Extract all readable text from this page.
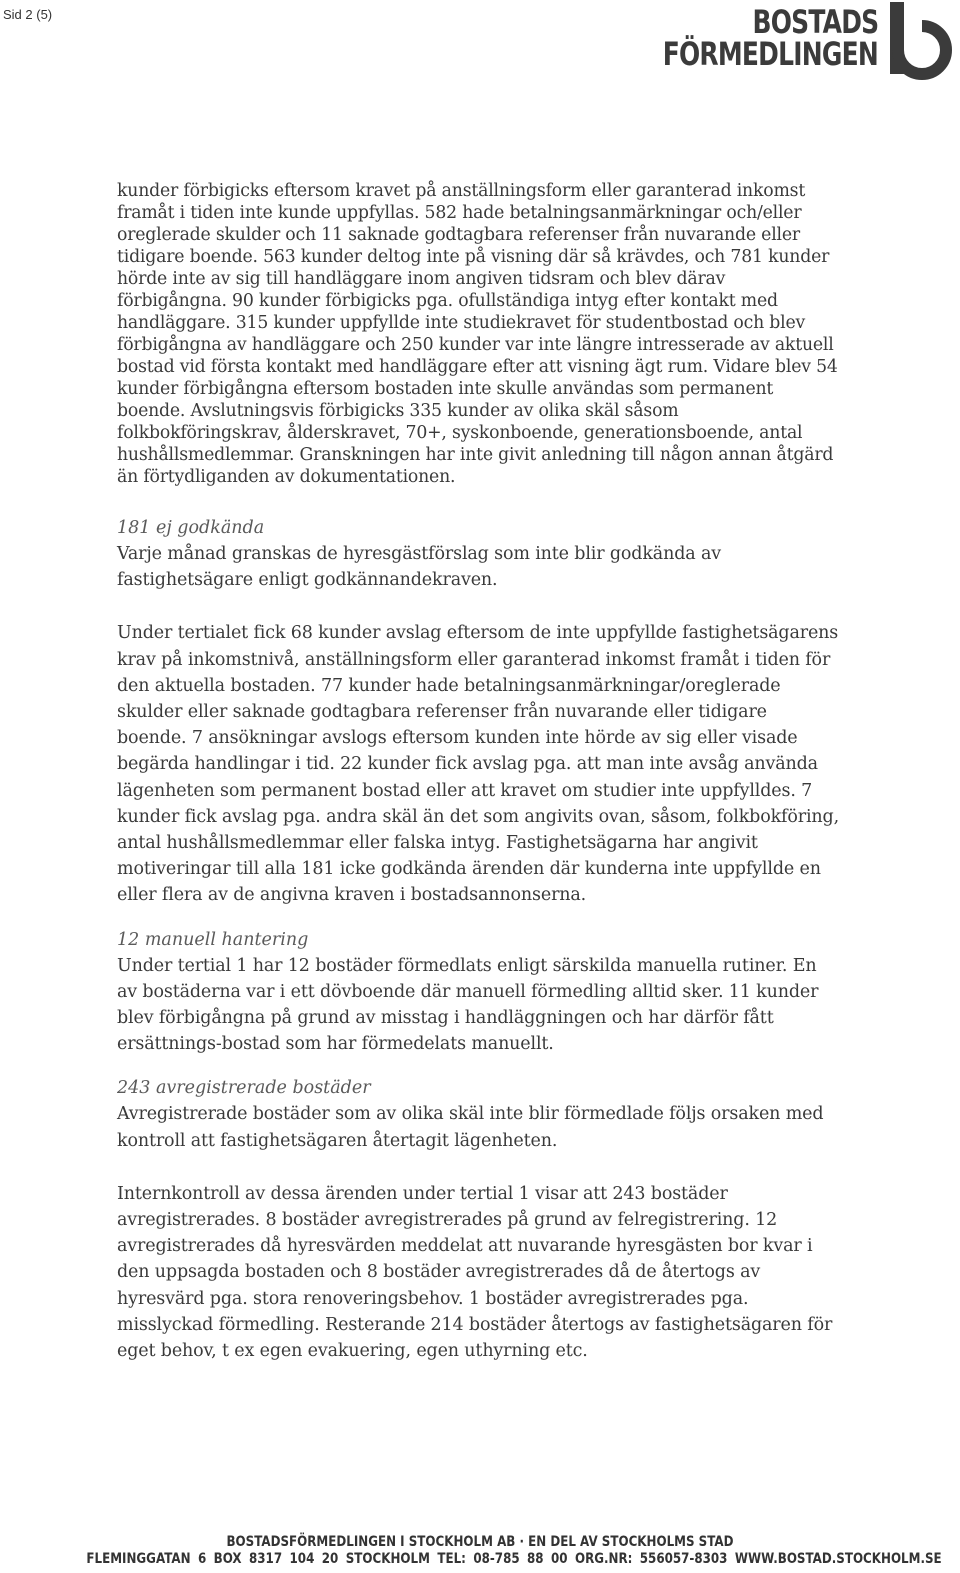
Sid 2 (5)	BOSTADS
FÖRMEDLINGEN

kunder förbigicks eftersom kravet på anställningsform eller garanterad inkomst framåt i tiden inte kunde uppfyllas. 582 hade betalningsanmärkningar och/eller oreglerade skulder och 11 saknade godtagbara referenser från nuvarande eller tidigare boende. 563 kunder deltog inte på visning där så krävdes, och 781 kunder hörde inte av sig till handläggare inom angiven tidsram och blev därav förbigångna. 90 kunder förbigicks pga. ofullständiga intyg efter kontakt med handläggare. 315 kunder uppfyllde inte studiekravet för studentbostad och blev förbigångna av handläggare och 250 kunder var inte längre intresserade av aktuell bostad vid första kontakt med handläggare efter att visning ägt rum. Vidare blev 54 kunder förbigångna eftersom bostaden inte skulle användas som permanent boende. Avslutningsvis förbigicks 335 kunder av olika skäl såsom folkbokföringskrav, ålderskravet, 70+, syskonboende, generationsboende, antal hushållsmedlemmar. Granskningen har inte givit anledning till någon annan åtgärd än förtydliganden av dokumentationen.

181 ej godkända

Varje månad granskas de hyresgästförslag som inte blir godkända av fastighetsägare enligt godkännandekraven.

Under tertialet fick 68 kunder avslag eftersom de inte uppfyllde fastighetsägarens krav på inkomstnivå, anställningsform eller garanterad inkomst framåt i tiden för den aktuella bostaden. 77 kunder hade betalningsanmärkningar/oreglerade skulder eller saknade godtagbara referenser från nuvarande eller tidigare boende. 7 ansökningar avslogs eftersom kunden inte hörde av sig eller visade begärda handlingar i tid. 22 kunder fick avslag pga. att man inte avsåg använda lägenheten som permanent bostad eller att kravet om studier inte uppfylldes. 7 kunder fick avslag pga. andra skäl än det som angivits ovan, såsom, folkbokföring, antal hushållsmedlemmar eller falska intyg. Fastighetsägarna har angivit motiveringar till alla 181 icke godkända ärenden där kunderna inte uppfyllde en eller flera av de angivna kraven i bostadsannonserna.

12 manuell hantering

Under tertial 1 har 12 bostäder förmedlats enligt särskilda manuella rutiner. En av bostäderna var i ett dövboende där manuell förmedling alltid sker. 11 kunder blev förbigångna på grund av misstag i handläggningen och har därför fått ersättnings-bostad som har förmedelats manuellt.

243 avregistrerade bostäder

Avregistrerade bostäder som av olika skäl inte blir förmedlade följs orsaken med kontroll att fastighetsägaren återtagit lägenheten.

Internkontroll av dessa ärenden under tertial 1 visar att 243 bostäder avregistrerades. 8 bostäder avregistrerades på grund av felregistrering. 12 avregistrerades då hyresvärden meddelat att nuvarande hyresgästen bor kvar i den uppsagda bostaden och 8 bostäder avregistrerades då de återtogs av hyresvärd pga. stora renoveringsbehov. 1 bostäder avregistrerades pga. misslyckad förmedling. Resterande 214 bostäder återtogs av fastighetsägaren för eget behov, t ex egen evakuering, egen uthyrning etc.

BOSTADSFÖRMEDLINGEN I STOCKHOLM AB · EN DEL AV STOCKHOLMS STAD
FLEMINGGATAN 6 BOX 8317 104 20 STOCKHOLM TEL: 08-785 88 00 ORG.NR: 556057-8303 WWW.BOSTAD.STOCKHOLM.SE
